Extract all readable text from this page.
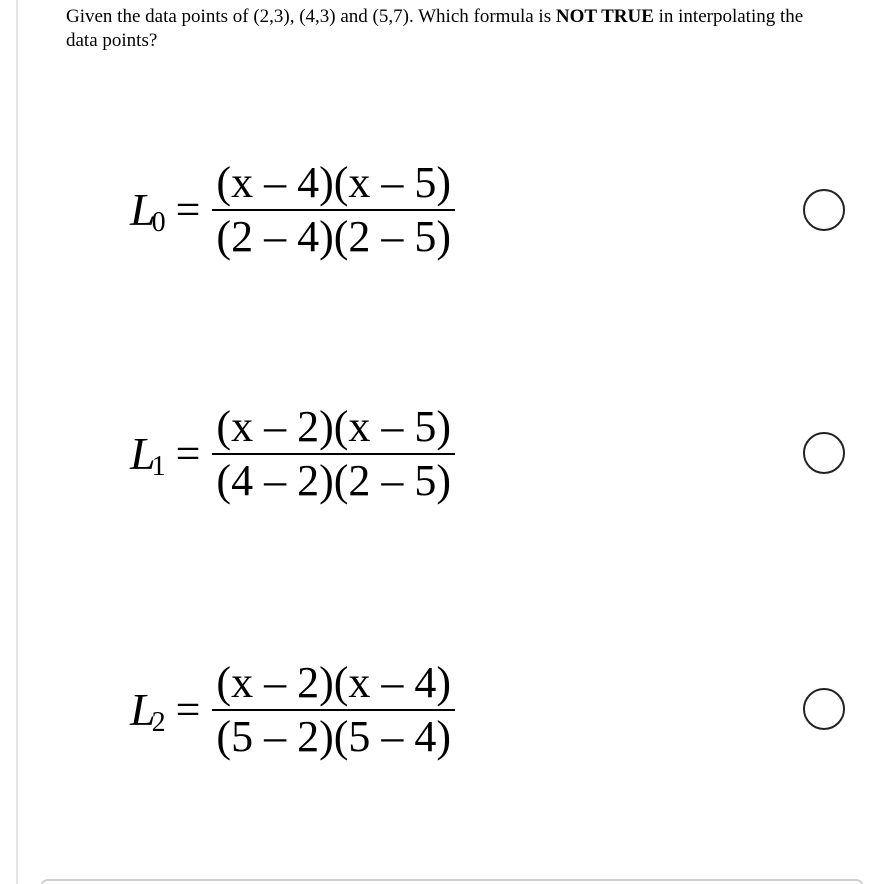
Given the data points of (2,3), (4,3) and (5,7). Which formula is NOT TRUE in interpolating the data points?
L
$0 = \frac{(x - 4)(x - 5)}{(2 - 4)(2 - 5)}$
L
$1 = \frac{(x - 2)(x - 5)}{(4 - 2)(2 - 5)}$
L
$2 = \frac{(x - 2)(x - 4)}{(5 - 2)(5 - 4)}$
